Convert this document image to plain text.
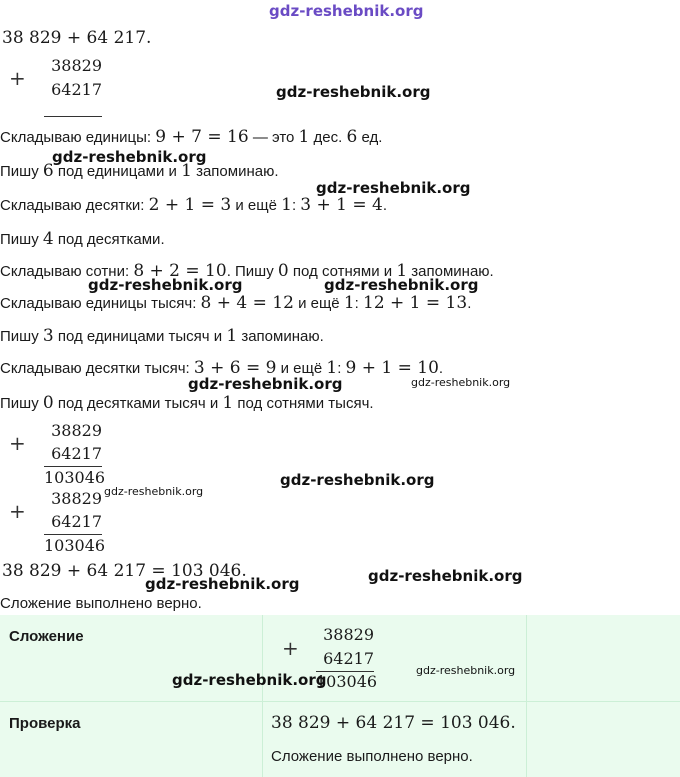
gdz-reshebnik.org
38 829 + 64 217.
+
38829
64217	gdz-reshebnik.org
Складываю единицы: 9 + 7 = 16 — это 1 дес. 6 ед.
gdz-reshebnik.org
Пишу 6 под единицами и 1 запоминаю.
gdz-reshebnik.org
Складываю десятки: 2 + 1 = 3 и ещё 1: 3 + 1 = 4.
Пишу 4 под десятками.
Складываю сотни: 8 + 2 = 10. Пишу 0 под сотнями и 1 запоминаю.
gdz-reshebnik.org	gdz-reshebnik.org
Складываю единицы тысяч: 8 + 4 = 12 и ещё 1: 12 + 1 = 13.
Пишу 3 под единицами тысяч и 1 запоминаю.
Складываю десятки тысяч: 3 + 6 = 9 и ещё 1: 9 + 1 = 10.
gdz-reshebnik.org	gdz-reshebnik.org
Пишу 0 под десятками тысяч и 1 под сотнями тысяч.
+
38829
64217
103046	gdz-reshebnik.org
gdz-reshebnik.org
+
38829
64217
103046
38 829 + 64 217 = 103 046.
gdz-reshebnik.org	gdz-reshebnik.org
Сложение выполнено верно.
Сложение	+
38829
64217
103046
gdz-reshebnik.org
gdz-reshebnik.org
Проверка	38 829 + 64 217 = 103 046.
Сложение выполнено верно.
